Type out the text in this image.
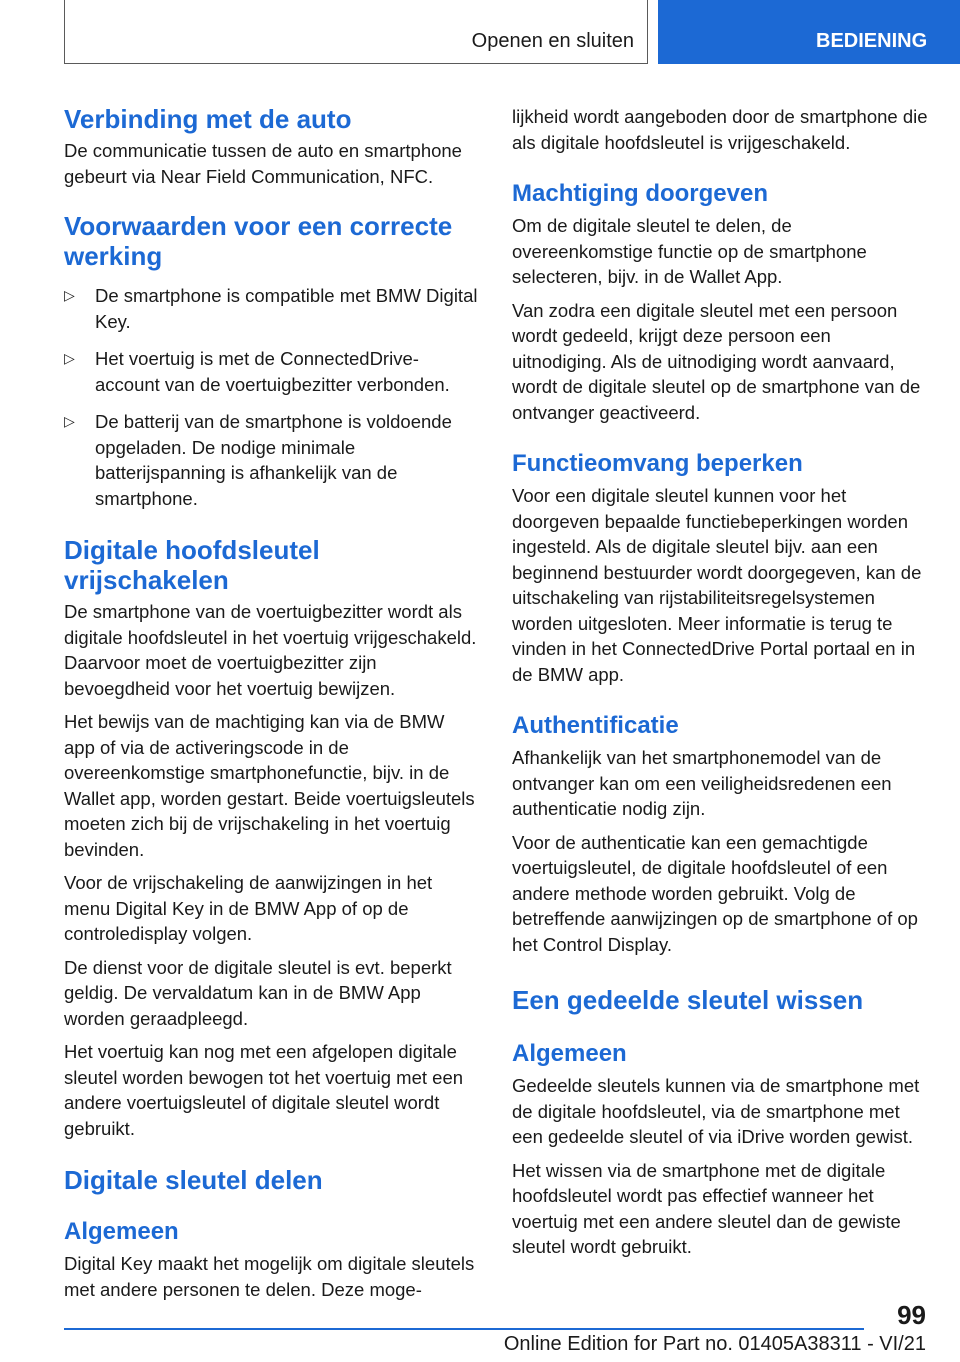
Openen en sluiten	BEDIENING
Verbinding met de auto

De communicatie tussen de auto en smartphone gebeurt via Near Field Communication, NFC.

Voorwaarden voor een correcte werking
▷ De smartphone is compatible met BMW Digital Key.
▷ Het voertuig is met de ConnectedDrive-account van de voertuigbezitter verbonden.
▷ De batterij van de smartphone is voldoende opgeladen. De nodige minimale batterijspanning is afhankelijk van de smartphone.
Digitale hoofdsleutel vrijschakelen

De smartphone van de voertuigbezitter wordt als digitale hoofdsleutel in het voertuig vrijgeschakeld. Daarvoor moet de voertuigbezitter zijn bevoegdheid voor het voertuig bewijzen.

Het bewijs van de machtiging kan via de BMW app of via de activeringscode in de overeenkomstige smartphonefunctie, bijv. in de Wallet app, worden gestart. Beide voertuigsleutels moeten zich bij de vrijschakeling in het voertuig bevinden.

Voor de vrijschakeling de aanwijzingen in het menu Digital Key in de BMW App of op de controledisplay volgen.

De dienst voor de digitale sleutel is evt. beperkt geldig. De vervaldatum kan in de BMW App worden geraadpleegd.

Het voertuig kan nog met een afgelopen digitale sleutel worden bewogen tot het voertuig met een andere voertuigsleutel of digitale sleutel wordt gebruikt.

Digitale sleutel delen
Algemeen

Digital Key maakt het mogelijk om digitale sleutels met andere personen te delen. Deze moge-

lijkheid wordt aangeboden door de smartphone die als digitale hoofdsleutel is vrijgeschakeld.

Machtiging doorgeven

Om de digitale sleutel te delen, de overeenkomstige functie op de smartphone selecteren, bijv. in de Wallet App.

Van zodra een digitale sleutel met een persoon wordt gedeeld, krijgt deze persoon een uitnodiging. Als de uitnodiging wordt aanvaard, wordt de digitale sleutel op de smartphone van de ontvanger geactiveerd.

Functieomvang beperken

Voor een digitale sleutel kunnen voor het doorgeven bepaalde functiebeperkingen worden ingesteld. Als de digitale sleutel bijv. aan een beginnend bestuurder wordt doorgegeven, kan de uitschakeling van rijstabiliteitsregelsystemen worden uitgesloten. Meer informatie is terug te vinden in het ConnectedDrive Portal portaal en in de BMW app.

Authentificatie

Afhankelijk van het smartphonemodel van de ontvanger kan om een veiligheidsredenen een authenticatie nodig zijn.

Voor de authenticatie kan een gemachtigde voertuigsleutel, de digitale hoofdsleutel of een andere methode worden gebruikt. Volg de betreffende aanwijzingen op de smartphone of op het Control Display.

Een gedeelde sleutel wissen
Algemeen

Gedeelde sleutels kunnen via de smartphone met de digitale hoofdsleutel, via de smartphone met een gedeelde sleutel of via iDrive worden gewist.

Het wissen via de smartphone met de digitale hoofdsleutel wordt pas effectief wanneer het voertuig met een andere sleutel dan de gewiste sleutel wordt gebruikt.

99
Online Edition for Part no. 01405A38311 - VI/21
